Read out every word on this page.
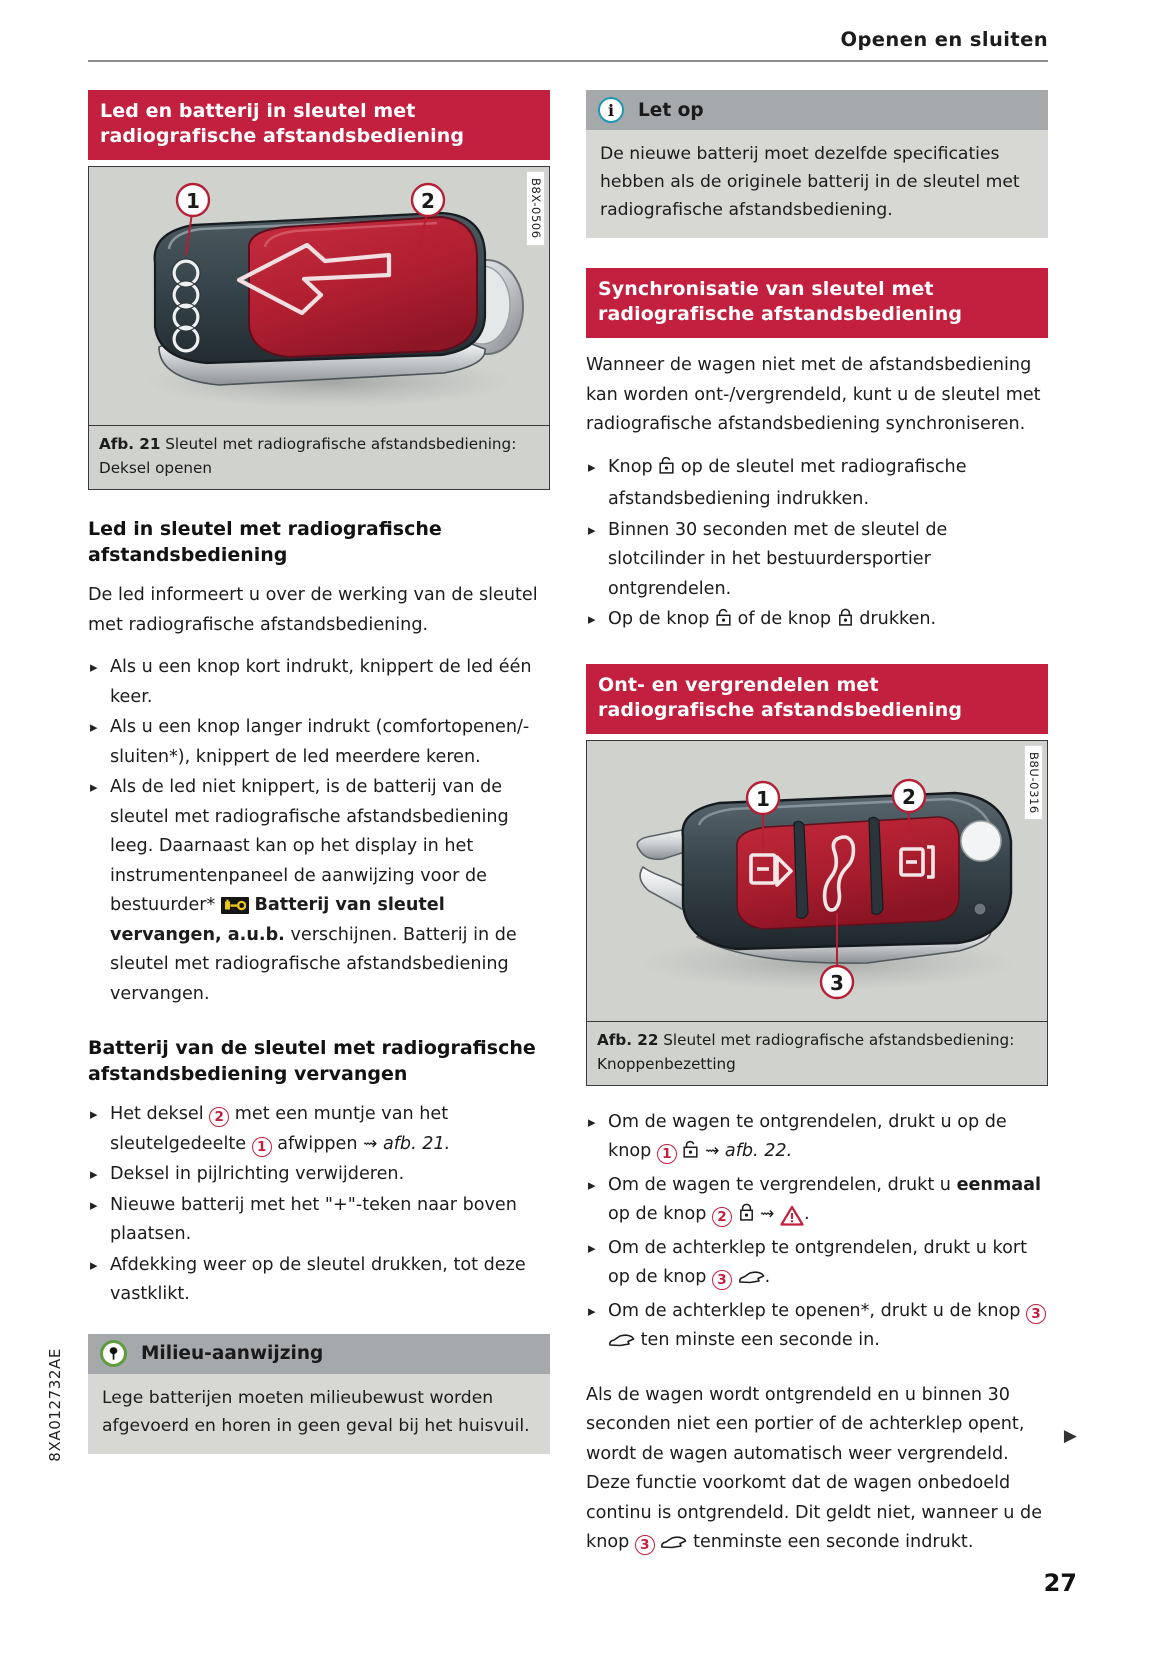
Openen en sluiten
Led en batterij in sleutel met radiografische afstandsbediening
1	2	B8X-0506
Afb. 21 Sleutel met radiografische afstandsbediening: Deksel openen
Led in sleutel met radiografische afstandsbediening

De led informeert u over de werking van de sleutel met radiografische afstandsbediening.

▸ Als u een knop kort indrukt, knippert de led één keer.
▸ Als u een knop langer indrukt (comfortopenen/-sluiten*), knippert de led meerdere keren.
▸ Als de led niet knippert, is de batterij van de sleutel met radiografische afstandsbediening leeg. Daarnaast kan op het display in het instrumentenpaneel de aanwijzing voor de bestuurder* Batterij van sleutel vervangen, a.u.b. verschijnen. Batterij in de sleutel met radiografische afstandsbediening vervangen.
Batterij van de sleutel met radiografische afstandsbediening vervangen
▸ Het deksel 2 met een muntje van het sleutelgedeelte 1 afwippen ⇝ afb. 21.
▸ Deksel in pijlrichting verwijderen.
▸ Nieuwe batterij met het "+"-teken naar boven plaatsen.
▸ Afdekking weer op de sleutel drukken, tot deze vastklikt.
Milieu-aanwijzing

Lege batterijen moeten milieubewust worden afgevoerd en horen in geen geval bij het huisvuil.

i	Let op

De nieuwe batterij moet dezelfde specificaties hebben als de originele batterij in de sleutel met radiografische afstandsbediening.

Synchronisatie van sleutel met radiografische afstandsbediening

Wanneer de wagen niet met de afstandsbediening kan worden ont-/vergrendeld, kunt u de sleutel met radiografische afstandsbediening synchroniseren.

▸ Knop op de sleutel met radiografische afstandsbediening indrukken.
▸ Binnen 30 seconden met de sleutel de slotcilinder in het bestuurdersportier ontgrendelen.
▸ Op de knop of de knop drukken.
Ont- en vergrendelen met radiografische afstandsbediening
1	2
3
B8U-0316
Afb. 22 Sleutel met radiografische afstandsbediening: Knoppenbezetting
▸ Om de wagen te ontgrendelen, drukt u op de knop 1 ⇝ afb. 22.
▸ Om de wagen te vergrendelen, drukt u eenmaal op de knop 2 ⇝ .
▸ Om de achterklep te ontgrendelen, drukt u kort op de knop 3 .
▸ Om de achterklep te openen*, drukt u de knop 3  ten minste een seconde in.

Als de wagen wordt ontgrendeld en u binnen 30 seconden niet een portier of de achterklep opent, wordt de wagen automatisch weer vergrendeld. Deze functie voorkomt dat de wagen onbedoeld continu is ontgrendeld. Dit geldt niet, wanneer u de knop 3 tenminste een seconde indrukt.

8XA012732AE	▶
27
